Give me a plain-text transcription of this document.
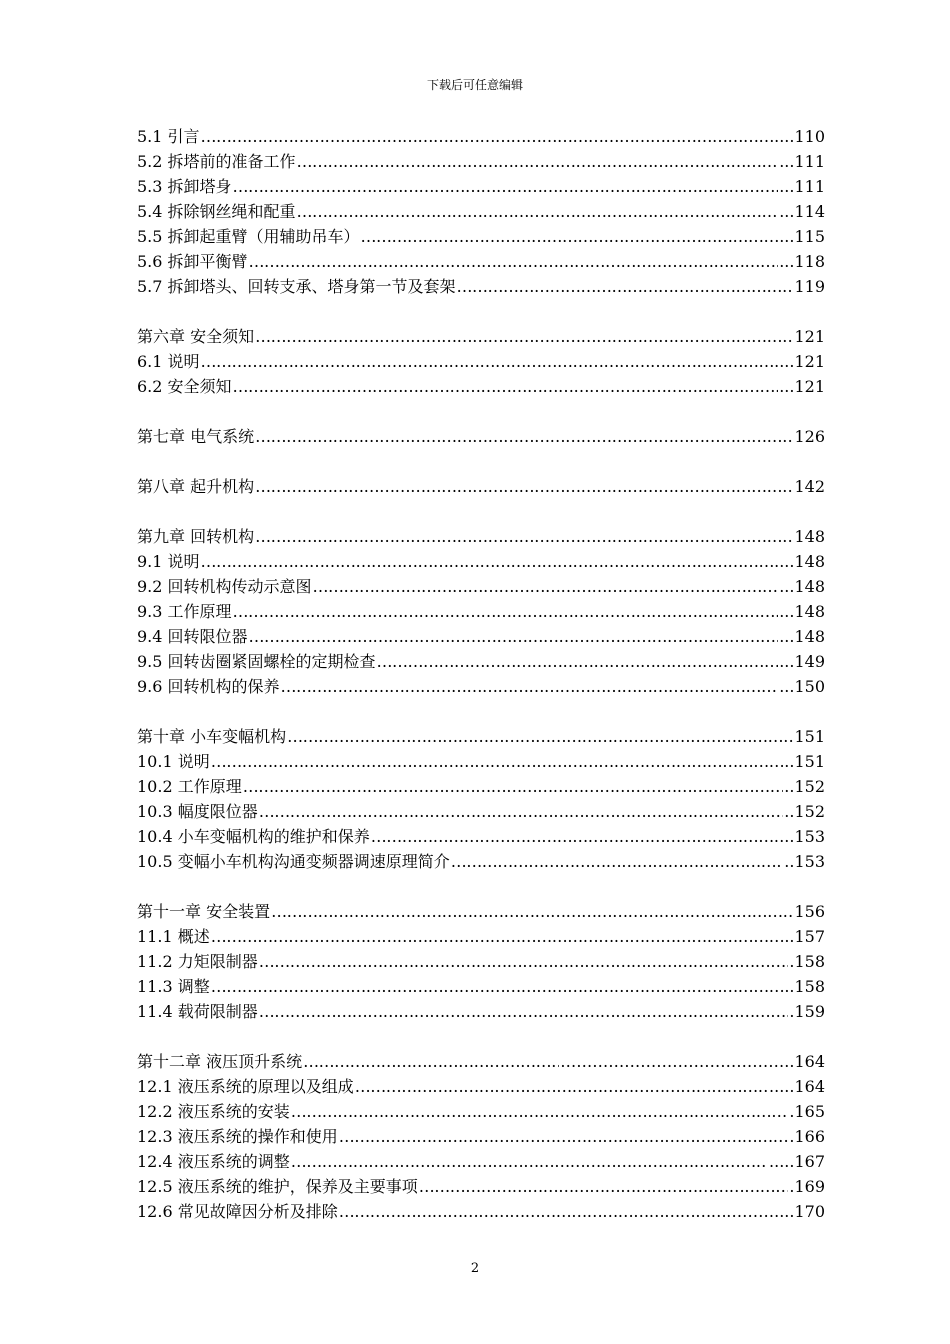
下载后可任意编辑
5.1 引言 …………………………………………………………………………………………………………………………………………………………………………………	...110
5.2 拆塔前的准备工作 …………………………………………………………………………………………………………………………………………………………………………………	...111
5.3 拆卸塔身 …………………………………………………………………………………………………………………………………………………………………………………	...111
5.4 拆除钢丝绳和配重 …………………………………………………………………………………………………………………………………………………………………………………	...114
5.5 拆卸起重臂（用辅助吊车） …………………………………………………………………………………………………………………………………………………………………………………	...115
5.6 拆卸平衡臂 …………………………………………………………………………………………………………………………………………………………………………………	...118
5.7 拆卸塔头、回转支承、塔身第一节及套架 …………………………………………………………………………………………………………………………………………………………………………………	119
第六章 安全须知 …………………………………………………………………………………………………………………………………………………………………………………	121
6.1 说明 …………………………………………………………………………………………………………………………………………………………………………………	...121
6.2 安全须知 …………………………………………………………………………………………………………………………………………………………………………………	...121
第七章 电气系统 …………………………………………………………………………………………………………………………………………………………………………………	126
第八章 起升机构 …………………………………………………………………………………………………………………………………………………………………………………	142
第九章 回转机构 …………………………………………………………………………………………………………………………………………………………………………………	148
9.1 说明 …………………………………………………………………………………………………………………………………………………………………………………	...148
9.2 回转机构传动示意图 …………………………………………………………………………………………………………………………………………………………………………………	...148
9.3 工作原理 …………………………………………………………………………………………………………………………………………………………………………………	...148
9.4 回转限位器 …………………………………………………………………………………………………………………………………………………………………………………	...148
9.5 回转齿圈紧固螺栓的定期检查 …………………………………………………………………………………………………………………………………………………………………………………	...149
9.6 回转机构的保养 …………………………………………………………………………………………………………………………………………………………………………………	...150
第十章 小车变幅机构 …………………………………………………………………………………………………………………………………………………………………………………	151
10.1 说明 …………………………………………………………………………………………………………………………………………………………………………………	..151
10.2 工作原理 …………………………………………………………………………………………………………………………………………………………………………………	..152
10.3 幅度限位器 …………………………………………………………………………………………………………………………………………………………………………………	..152
10.4 小车变幅机构的维护和保养 …………………………………………………………………………………………………………………………………………………………………………………	..153
10.5 变幅小车机构沟通变频器调速原理简介 …………………………………………………………………………………………………………………………………………………………………………………	..153
第十一章 安全装置 …………………………………………………………………………………………………………………………………………………………………………………	156
11.1 概述 …………………………………………………………………………………………………………………………………………………………………………………	.157
11.2 力矩限制器 …………………………………………………………………………………………………………………………………………………………………………………	.158
11.3 调整 …………………………………………………………………………………………………………………………………………………………………………………	.158
11.4 载荷限制器 …………………………………………………………………………………………………………………………………………………………………………………	.159
第十二章 液压顶升系统 …………………………………………………………………………………………………………………………………………………………………………………	……………………………………..164
12.1 液压系统的原理以及组成 …………………………………………………………………………………………………………………………………………………………………………………	.....164
12.2 液压系统的安装 …………………………………………………………………………………………………………………………………………………………………………………	.165
12.3 液压系统的操作和使用 …………………………………………………………………………………………………………………………………………………………………………………	.166
12.4 液压系统的调整 …………………………………………………………………………………………………………………………………………………………………………………	.....167
12.5 液压系统的维护，保养及主要事项 …………………………………………………………………………………………………………………………………………………………………………………	.169
12.6 常见故障因分析及排除 …………………………………………………………………………………………………………………………………………………………………………………	………....170
2
